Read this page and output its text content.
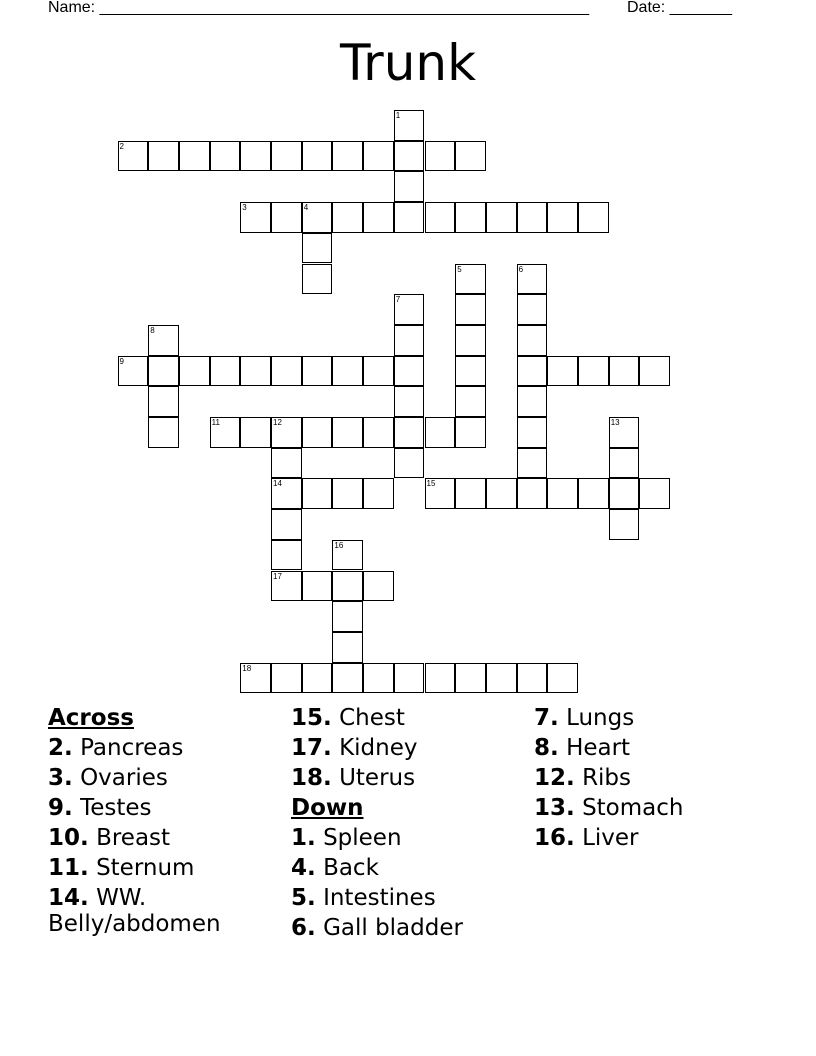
Name: _______________________________________________________ Date: _______
Trunk
1
2
3	4
5	6
7
8
9
11	12	13
14	15
16
17
18
Across
2. Pancreas
3. Ovaries
9. Testes
10. Breast
11. Sternum
14. WW. Belly/abdomen
15. Chest
17. Kidney
18. Uterus
Down
1. Spleen
4. Back
5. Intestines
6. Gall bladder
7. Lungs
8. Heart
12. Ribs
13. Stomach
16. Liver
